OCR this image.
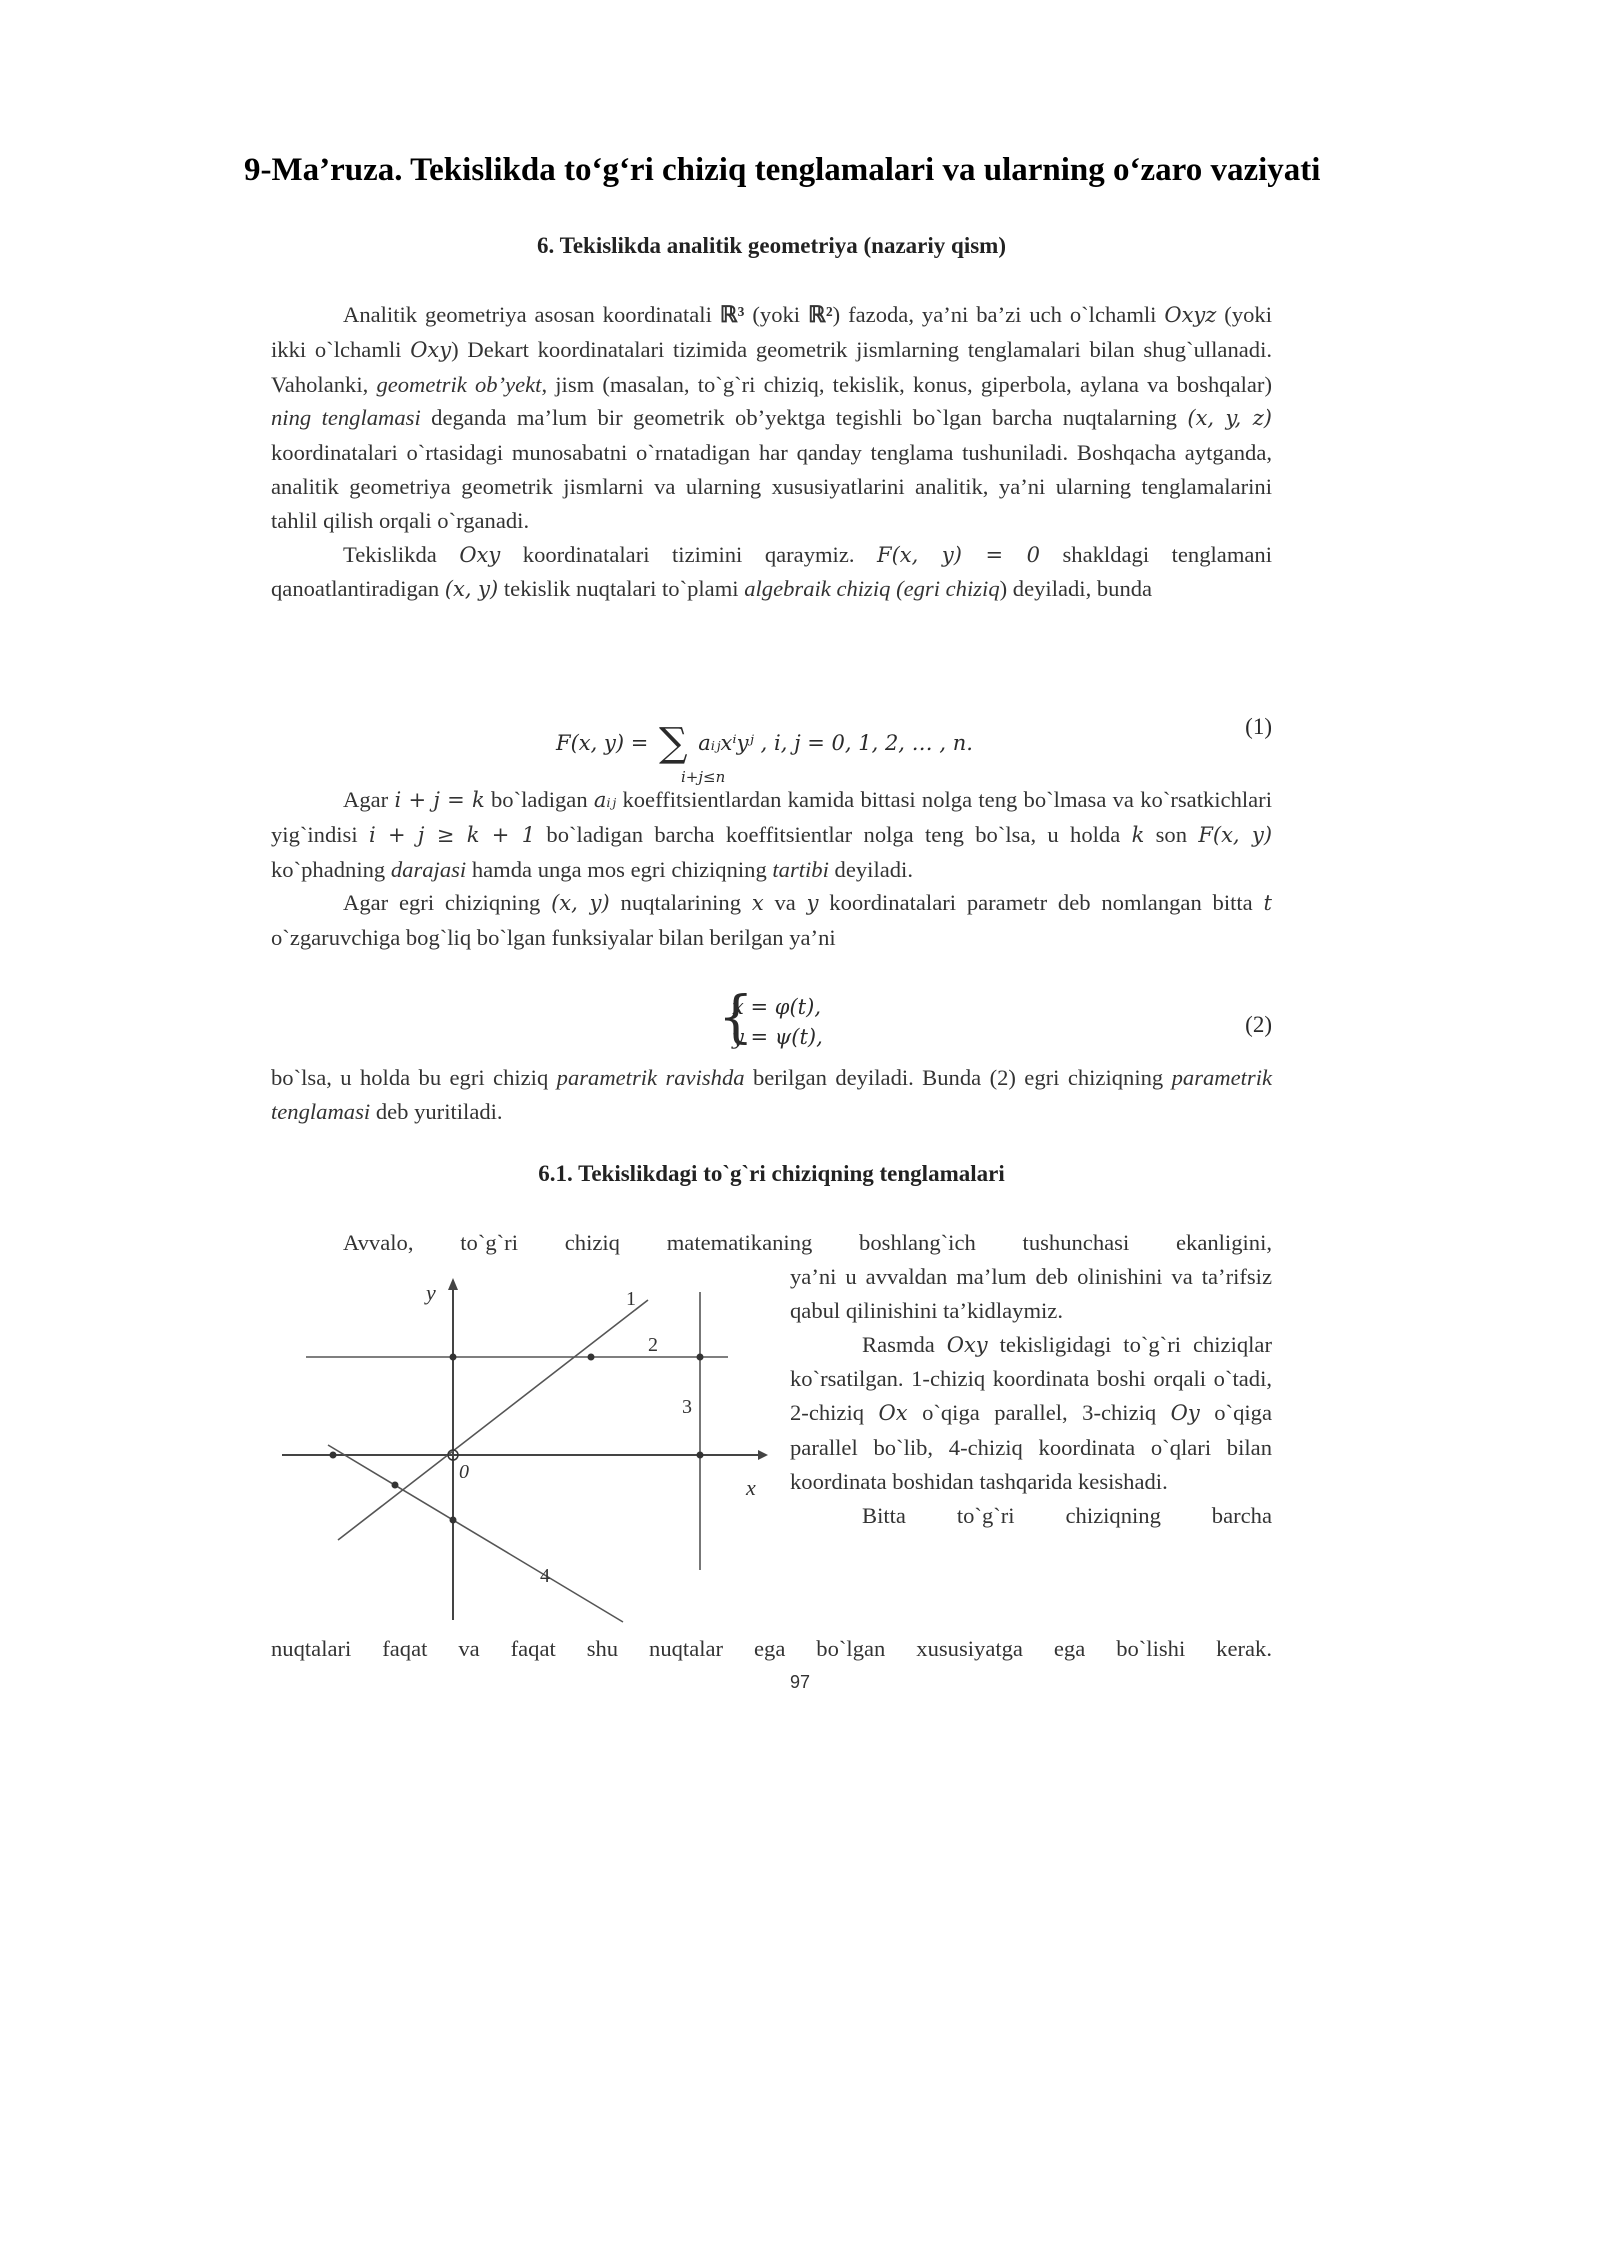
9-Ma’ruza. Tekislikda to‘g‘ri chiziq tenglamalari va ularning o‘zaro vaziyati
6. Tekislikda analitik geometriya (nazariy qism)

Analitik geometriya asosan koordinatali ℝ³ (yoki ℝ²) fazoda, ya’ni ba’zi uch o`lchamli Oxyz (yoki ikki o`lchamli Oxy) Dekart koordinatalari tizimida geometrik jismlarning tenglamalari bilan shug`ullanadi. Vaholanki, geometrik ob’yekt, jism (masalan, to`g`ri chiziq, tekislik, konus, giperbola, aylana va boshqalar) ning tenglamasi deganda ma’lum bir geometrik ob’yektga tegishli bo`lgan barcha nuqtalarning (x, y, z) koordinatalari o`rtasidagi munosabatni o`rnatadigan har qanday tenglama tushuniladi. Boshqacha aytganda, analitik geometriya geometrik jismlarni va ularning xususiyatlarini analitik, ya’ni ularning tenglamalarini tahlil qilish orqali o`rganadi.

Tekislikda Oxy koordinatalari tizimini qaraymiz. F(x, y) = 0 shakldagi tenglamani qanoatlantiradigan (x, y) tekislik nuqtalari to`plami algebraik chiziq (egri chiziq) deyiladi, bunda

F(x, y) = ∑ aᵢⱼxⁱyʲ , i, j = 0, 1, 2, … , n.
i+j≤n
(1)

Agar i + j = k bo`ladigan aᵢⱼ koeffitsientlardan kamida bittasi nolga teng bo`lmasa va ko`rsatkichlari yig`indisi i + j ≥ k + 1 bo`ladigan barcha koeffitsientlar nolga teng bo`lsa, u holda k son F(x, y) ko`phadning darajasi hamda unga mos egri chiziqning tartibi deyiladi.

Agar egri chiziqning (x, y) nuqtalarining x va y koordinatalari parametr deb nomlangan bitta t o`zgaruvchiga bog`liq bo`lgan funksiyalar bilan berilgan ya’ni

{
x = φ(t),
y = ψ(t),	(2)

bo`lsa, u holda bu egri chiziq parametrik ravishda berilgan deyiladi. Bunda (2) egri chiziqning parametrik tenglamasi deb yuritiladi.

6.1. Tekislikdagi to`g`ri chiziqning tenglamalari

Avvalo, to`g`ri chiziq matematikaning boshlang`ich tushunchasi ekanligini,

y
x
0
1
2
3
4

ya’ni u avvaldan ma’lum deb olinishini va ta’rifsiz qabul qilinishini ta’kidlaymiz.

Rasmda Oxy tekisligidagi to`g`ri chiziqlar ko`rsatilgan. 1-chiziq koordinata boshi orqali o`tadi, 2-chiziq Ox o`qiga parallel, 3-chiziq Oy o`qiga parallel bo`lib, 4-chiziq koordinata o`qlari bilan koordinata boshidan tashqarida kesishadi.

Bitta to`g`ri chiziqning barcha

nuqtalari faqat va faqat shu nuqtalar ega bo`lgan xususiyatga ega bo`lishi kerak.

97
